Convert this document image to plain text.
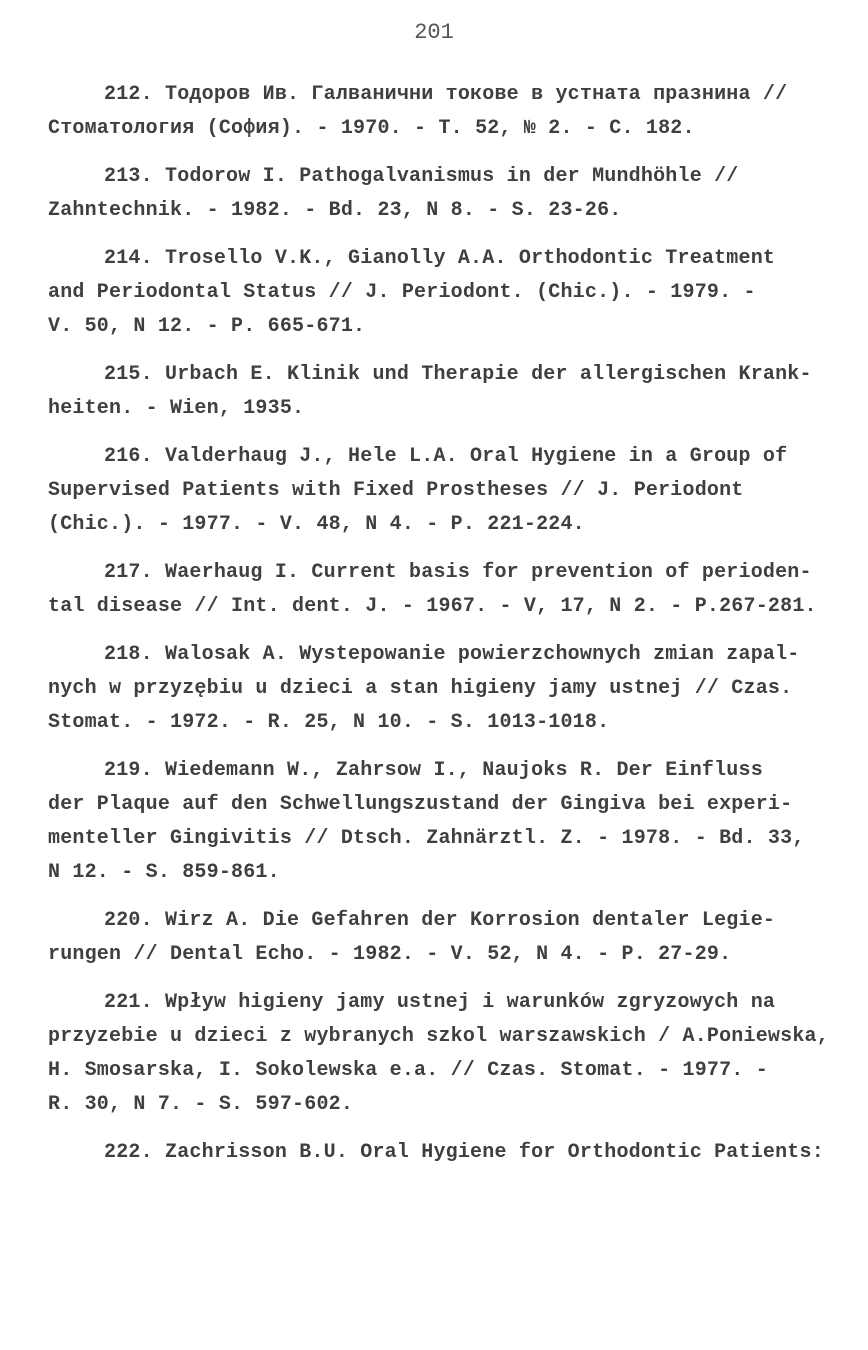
201
212. Тодоров Ив. Галванични токове в устната празнина //
Стоматология (София). - 1970. - Т. 52, № 2. - С. 182.
213. Todorow I. Pathogalvanismus in der Mundhöhle //
Zahntechnik. - 1982. - Bd. 23, N 8. - S. 23-26.
214. Trosello V.K., Gianolly A.A. Orthodontic Treatment
and Periodontal Status // J. Periodont. (Chic.). - 1979. -
V. 50, N 12. - P. 665-671.
215. Urbach E. Klinik und Therapie der allergischen Krank-
heiten. - Wien, 1935.
216. Valderhaug J., Hele L.A. Oral Hygiene in a Group of
Supervised Patients with Fixed Prostheses // J. Periodont
(Chic.). - 1977. - V. 48, N 4. - P. 221-224.
217. Waerhaug I. Current basis for prevention of perioden-
tal disease // Int. dent. J. - 1967. - V, 17, N 2. - P.267-281.
218. Walosak A. Wystepowanie powierzchownych zmian zapal-
nych w przyzębiu u dzieci a stan higieny jamy ustnej // Czas.
Stomat. - 1972. - R. 25, N 10. - S. 1013-1018.
219. Wiedemann W., Zahrsow I., Naujoks R. Der Einfluss
der Plaque auf den Schwellungszustand der Gingiva bei experi-
menteller Gingivitis // Dtsch. Zahnärztl. Z. - 1978. - Bd. 33,
N 12. - S. 859-861.
220. Wirz A. Die Gefahren der Korrosion dentaler Legie-
rungen // Dental Echo. - 1982. - V. 52, N 4. - P. 27-29.
221. Wpływ higieny jamy ustnej i warunków zgryzowych na
przyzebie u dzieci z wybranych szkol warszawskich / A.Poniewska,
H. Smosarska, I. Sokolewska e.a. // Czas. Stomat. - 1977. -
R. 30, N 7. - S. 597-602.
222. Zachrisson B.U. Oral Hygiene for Orthodontic Patients:
